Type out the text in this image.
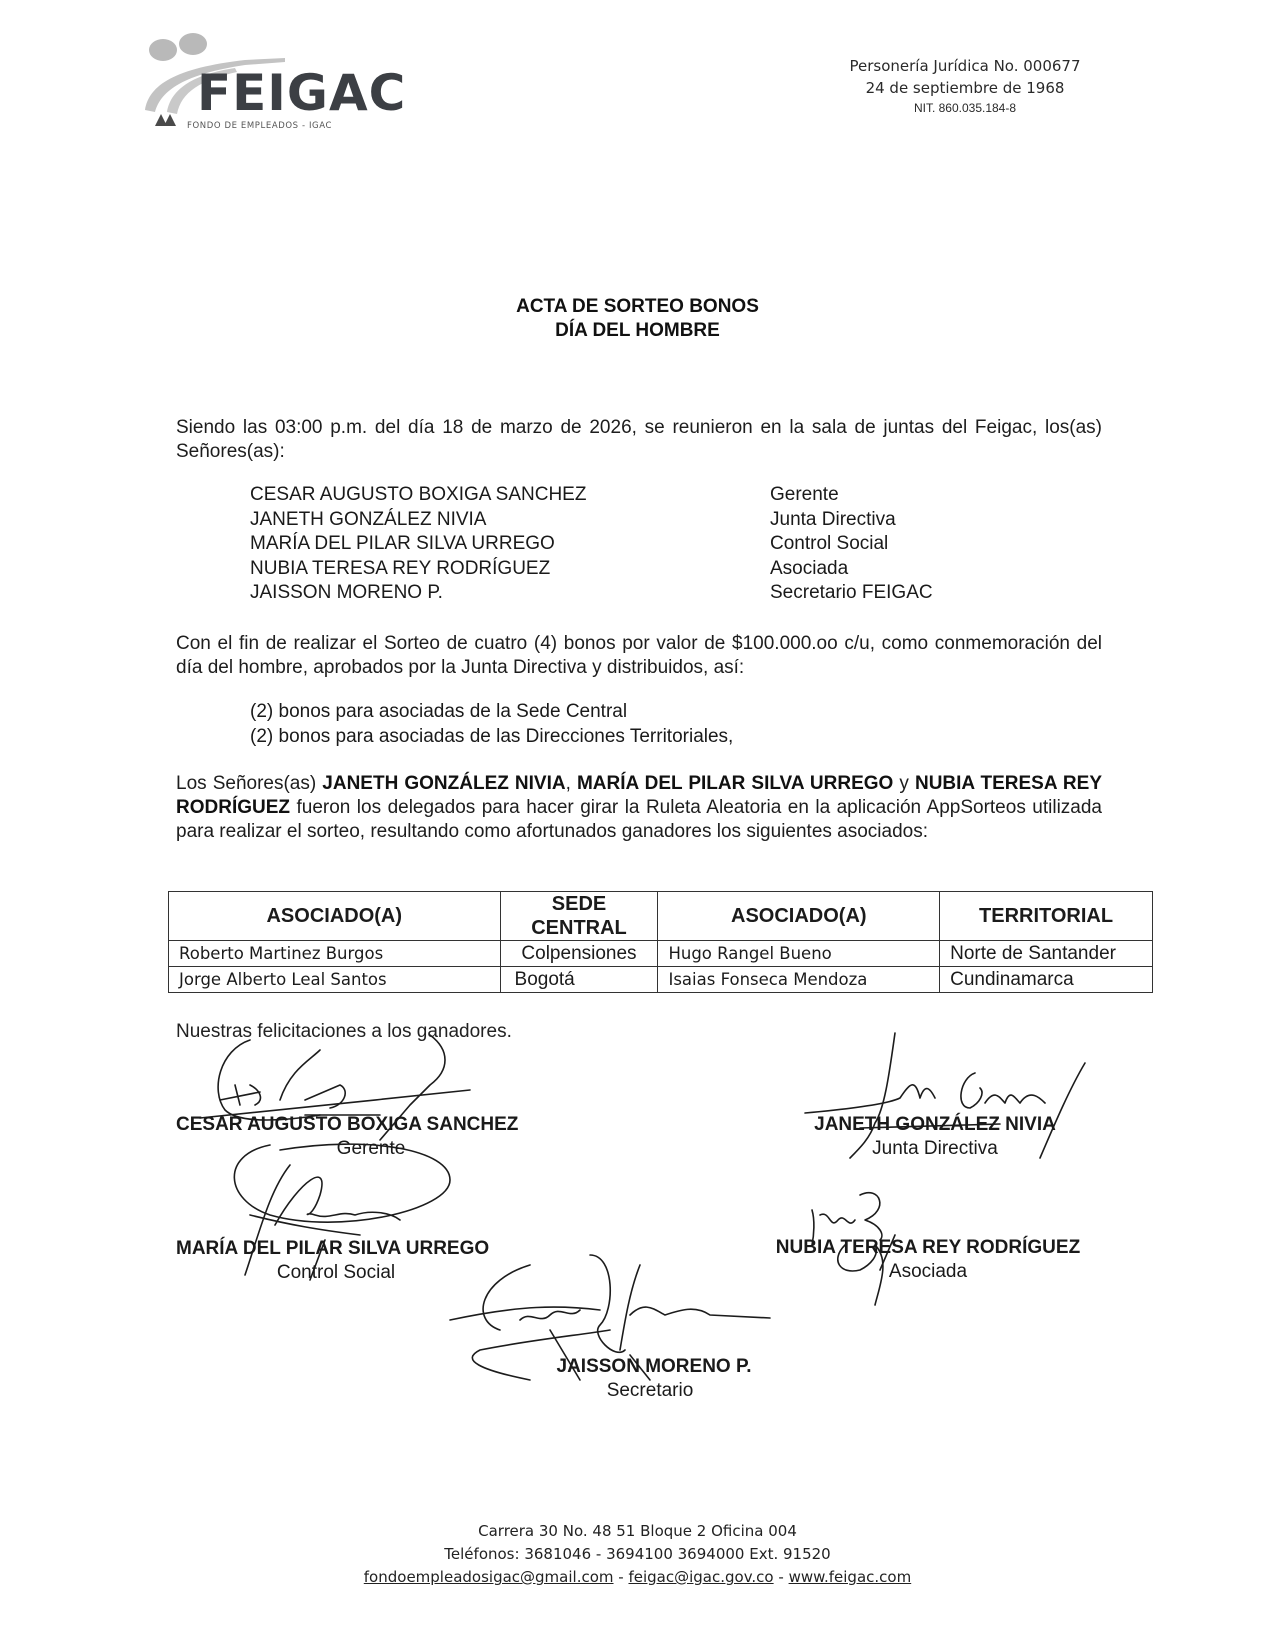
FEIGAC
FONDO DE EMPLEADOS - IGAC
Personería Jurídica No. 000677
24 de septiembre de 1968
NIT. 860.035.184-8
ACTA DE SORTEO BONOS
DÍA DEL HOMBRE
Siendo las 03:00 p.m. del día 18 de marzo de 2026, se reunieron en la sala de juntas del Feigac, los(as) Señores(as):
CESAR AUGUSTO BOXIGA SANCHEZ	Gerente
JANETH GONZÁLEZ NIVIA	Junta Directiva
MARÍA DEL PILAR SILVA URREGO	Control Social
NUBIA TERESA REY RODRÍGUEZ	Asociada
JAISSON MORENO P.	Secretario FEIGAC
Con el fin de realizar el Sorteo de cuatro (4) bonos por valor de $100.000.oo c/u, como conmemoración del día del hombre, aprobados por la Junta Directiva y distribuidos, así:
(2) bonos para asociadas de la Sede Central
(2) bonos para asociadas de las Direcciones Territoriales,
Los Señores(as) JANETH GONZÁLEZ NIVIA, MARÍA DEL PILAR SILVA URREGO y NUBIA TERESA REY RODRÍGUEZ fueron los delegados para hacer girar la Ruleta Aleatoria en la aplicación AppSorteos utilizada para realizar el sorteo, resultando como afortunados ganadores los siguientes asociados:
ASOCIADO(A)	SEDE CENTRAL	ASOCIADO(A)	TERRITORIAL
Roberto Martinez Burgos	Colpensiones	Hugo Rangel Bueno	Norte de Santander
Jorge Alberto Leal Santos	Bogotá	Isaias Fonseca Mendoza	Cundinamarca
Nuestras felicitaciones a los ganadores.
CESAR AUGUSTO BOXIGA SANCHEZ
Gerente
JANETH GONZÁLEZ NIVIA
Junta Directiva
MARÍA DEL PILAR SILVA URREGO
Control Social
NUBIA TERESA REY RODRÍGUEZ
Asociada
JAISSON MORENO P.
Secretario
Carrera 30 No. 48 51 Bloque 2 Oficina 004
Teléfonos: 3681046 - 3694100 3694000 Ext. 91520
fondoempleadosigac@gmail.com - feigac@igac.gov.co - www.feigac.com
